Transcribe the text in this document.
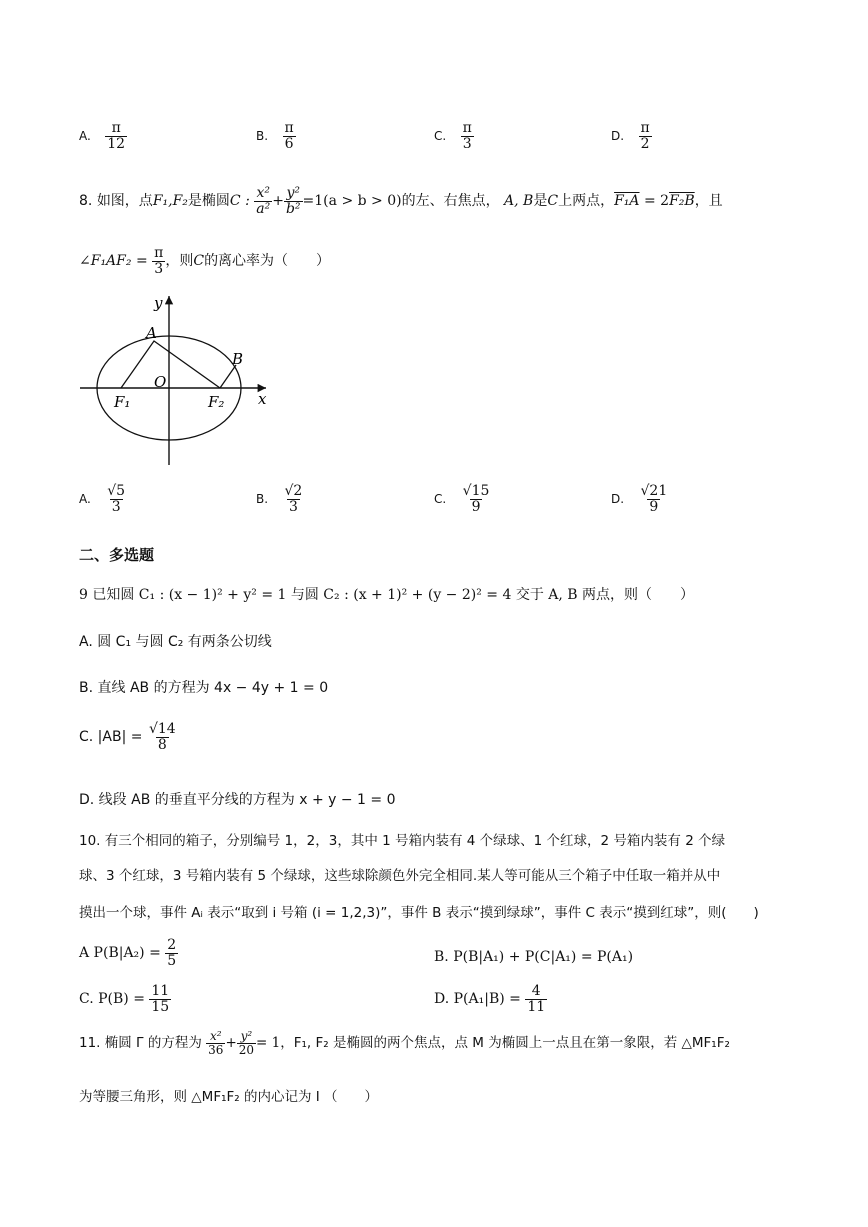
A. $\frac{\pi}{12}$	B. $\frac{\pi}{6}$	C. $\frac{\pi}{3}$	D. $\frac{\pi}{2}$
8. 如图，点F₁,F₂是椭圆C : $\frac{\text{x²}}{\text{a²}} + \frac{\text{y²}}{\text{b²}} =1(a > b > 0)$的左、右焦点， A, B是C上两点，F₁A = 2F₂B，且
∠F₁AF₂ = $\frac{\pi}{3}$ ，则C的离心率为（　　）
y
A
B
O
F₁	F₂ x
A. $\frac{√5}{3}$	B. $\frac{√2}{3}$	C. $\frac{√15}{9}$	D. $\frac{√21}{9}$
二、多选题
9 已知圆 C₁ : (x − 1)² + y² = 1 与圆 C₂ : (x + 1)² + (y − 2)² = 4 交于 A, B 两点，则（　　）
A. 圆 C₁ 与圆 C₂ 有两条公切线
B. 直线 AB 的方程为 4x − 4y + 1 = 0
C. $|AB| = \frac{√14}{8}$
D. 线段 AB 的垂直平分线的方程为 x + y − 1 = 0
10. 有三个相同的箱子，分别编号 1，2，3，其中 1 号箱内装有 4 个绿球、1 个红球，2 号箱内装有 2 个绿
球、3 个红球，3 号箱内装有 5 个绿球，这些球除颜色外完全相同.某人等可能从三个箱子中任取一箱并从中
摸出一个球，事件 Aᵢ 表示“取到 i 号箱 (i = 1,2,3)”，事件 B 表示“摸到绿球”，事件 C 表示“摸到红球”，则(　　)
A $P(B|A_2) = \frac{2}{5}$	B. P(B|A₁) + P(C|A₁) = P(A₁)
C. $P(B) = \frac{11}{15}$	D. $P(A_1|B) = \frac{4}{11}$
11. 椭圆 Γ 的方程为 $\frac{\text{x²}}{36} + \frac{\text{y²}}{20} = 1$，F₁, F₂ 是椭圆的两个焦点，点 M 为椭圆上一点且在第一象限，若 △MF₁F₂
为等腰三角形，则 △MF₁F₂ 的内心记为 I （　　）
